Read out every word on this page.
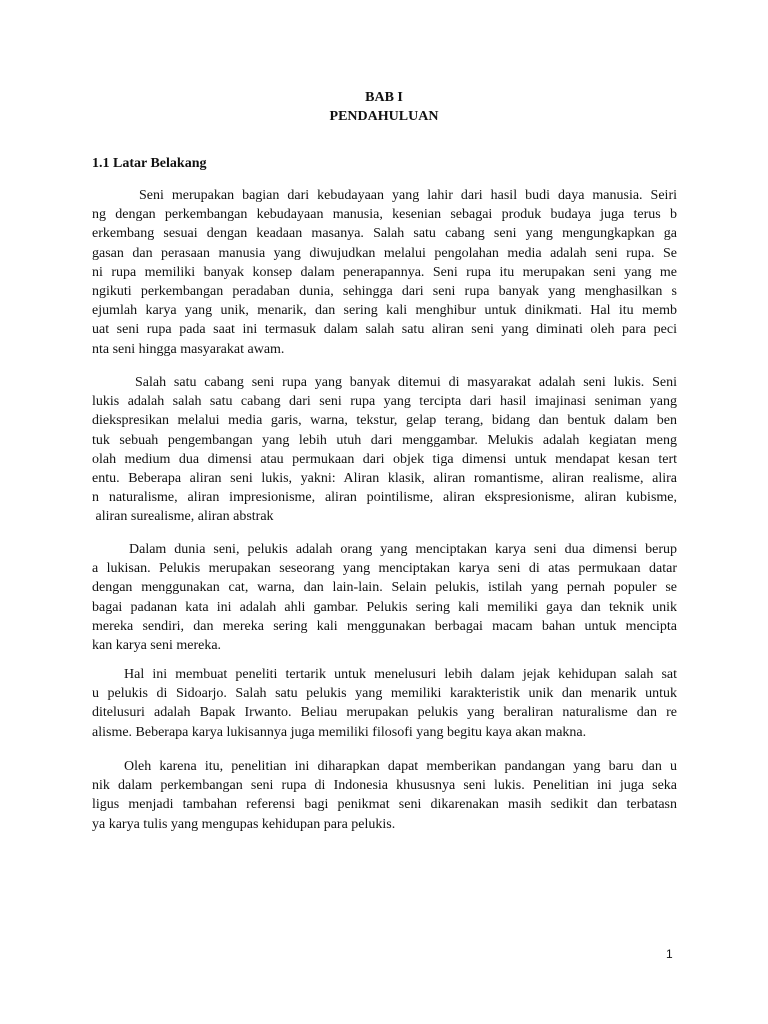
BAB I
PENDAHULUAN
1.1 Latar Belakang
Seni merupakan bagian dari kebudayaan yang lahir dari hasil budi daya manusia. Seiri
ng dengan perkembangan kebudayaan manusia, kesenian sebagai produk budaya juga terus b
erkembang sesuai dengan keadaan masanya. Salah satu cabang seni yang mengungkapkan ga
gasan dan perasaan manusia yang diwujudkan melalui pengolahan media adalah seni rupa. Se
ni rupa memiliki banyak konsep dalam penerapannya. Seni rupa itu merupakan seni yang me
ngikuti perkembangan peradaban dunia, sehingga dari seni rupa banyak yang menghasilkan s
ejumlah karya yang unik, menarik, dan sering kali menghibur untuk dinikmati. Hal itu memb
uat seni rupa pada saat ini termasuk dalam salah satu aliran seni yang diminati oleh para peci
nta seni hingga masyarakat awam.
Salah satu cabang seni rupa yang banyak ditemui di masyarakat adalah seni lukis. Seni
lukis adalah salah satu cabang dari seni rupa yang tercipta dari hasil imajinasi seniman yang
diekspresikan melalui media garis, warna, tekstur, gelap terang, bidang dan bentuk dalam ben
tuk sebuah pengembangan yang lebih utuh dari menggambar. Melukis adalah kegiatan meng
olah medium dua dimensi atau permukaan dari objek tiga dimensi untuk mendapat kesan tert
entu. Beberapa aliran seni lukis, yakni: Aliran klasik, aliran romantisme, aliran realisme, alira
n naturalisme, aliran impresionisme, aliran pointilisme, aliran ekspresionisme, aliran kubisme,
aliran surealisme, aliran abstrak
Dalam dunia seni, pelukis adalah orang yang menciptakan karya seni dua dimensi berup
a lukisan. Pelukis merupakan seseorang yang menciptakan karya seni di atas permukaan datar
dengan menggunakan cat, warna, dan lain-lain. Selain pelukis, istilah yang pernah populer se
bagai padanan kata ini adalah ahli gambar. Pelukis sering kali memiliki gaya dan teknik unik
mereka sendiri, dan mereka sering kali menggunakan berbagai macam bahan untuk mencipta
kan karya seni mereka.
Hal ini membuat peneliti tertarik untuk menelusuri lebih dalam jejak kehidupan salah sat
u pelukis di Sidoarjo. Salah satu pelukis yang memiliki karakteristik unik dan menarik untuk
ditelusuri adalah Bapak Irwanto. Beliau merupakan pelukis yang beraliran naturalisme dan re
alisme. Beberapa karya lukisannya juga memiliki filosofi yang begitu kaya akan makna.
Oleh karena itu, penelitian ini diharapkan dapat memberikan pandangan yang baru dan u
nik dalam perkembangan seni rupa di Indonesia khususnya seni lukis. Penelitian ini juga seka
ligus menjadi tambahan referensi bagi penikmat seni dikarenakan masih sedikit dan terbatasn
ya karya tulis yang mengupas kehidupan para pelukis.
1
